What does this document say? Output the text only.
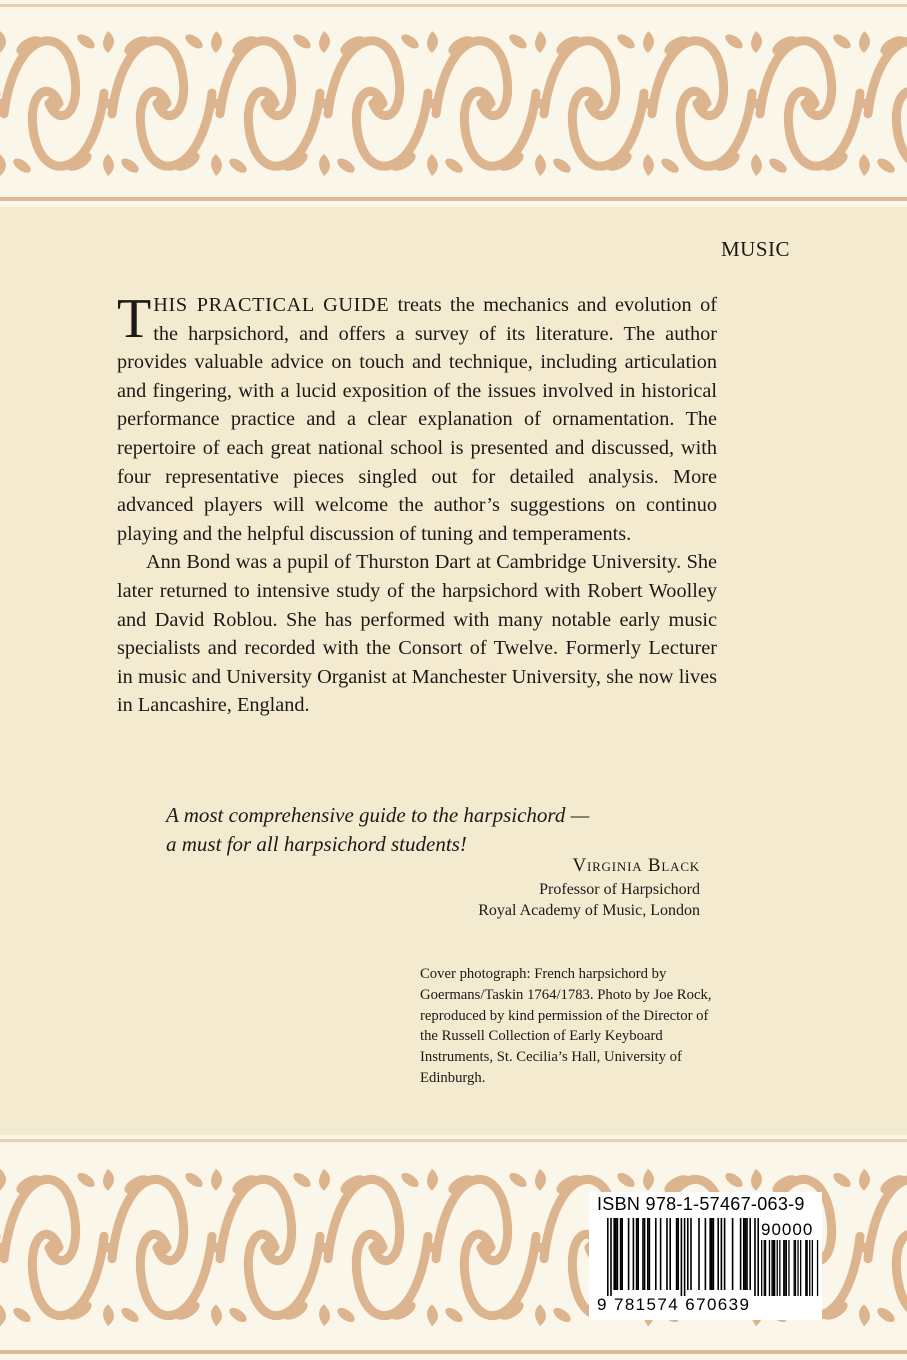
MUSIC

THIS PRACTICAL GUIDE treats the mechanics and evolution of the harpsichord, and offers a survey of its literature. The author provides valuable advice on touch and technique, including articulation and fingering, with a lucid exposition of the issues involved in historical performance practice and a clear explanation of ornamentation. The repertoire of each great national school is presented and discussed, with four representative pieces singled out for detailed analysis. More advanced players will welcome the author’s suggestions on continuo playing and the helpful discussion of tuning and temperaments.

Ann Bond was a pupil of Thurston Dart at Cambridge University. She later returned to intensive study of the harpsichord with Robert Woolley and David Roblou. She has performed with many notable early music specialists and recorded with the Consort of Twelve. Formerly Lecturer in music and University Organist at Manchester University, she now lives in Lancashire, England.

A most comprehensive guide to the harpsichord —
a must for all harpsichord students!
Virginia Black
Professor of Harpsichord
Royal Academy of Music, London
Cover photograph: French harpsichord by Goermans/Taskin 1764/1783. Photo by Joe Rock, reproduced by kind permission of the Director of the Russell Collection of Early Keyboard Instruments, St. Cecilia’s Hall, University of Edinburgh.
ISBN 978-1-57467-063-9
90000
9 781574 670639
